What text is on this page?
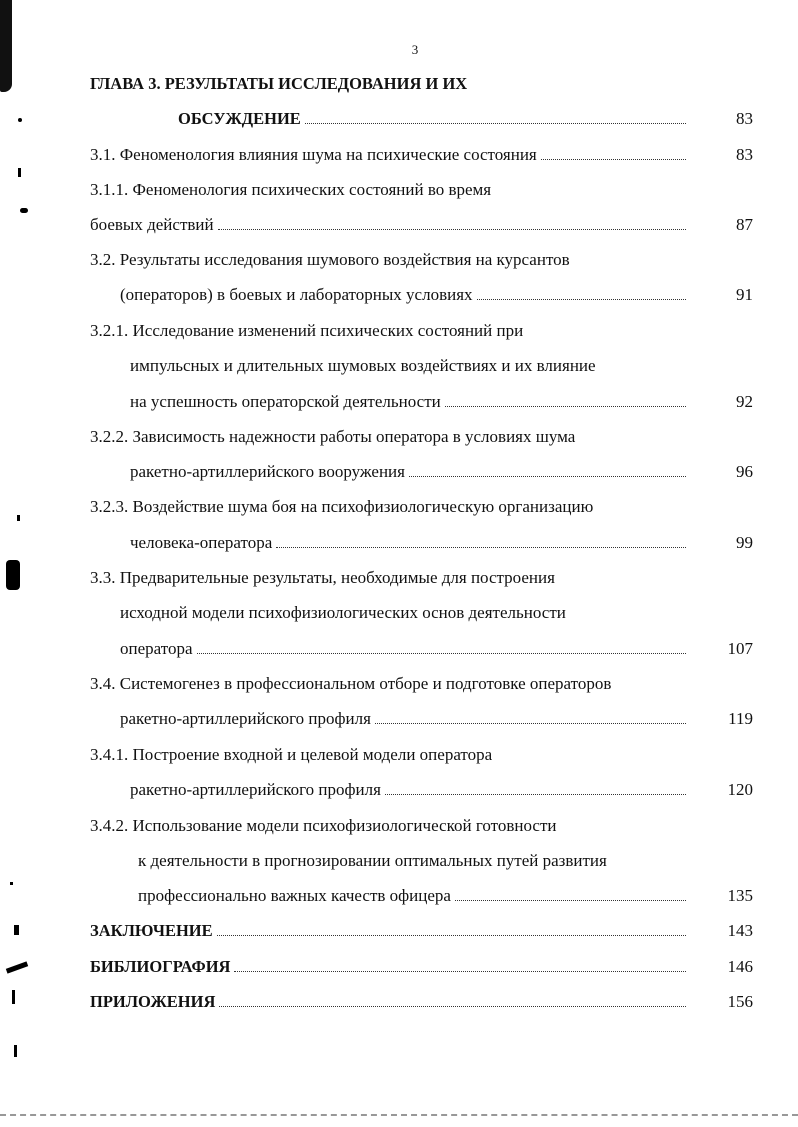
3
ГЛАВА 3. РЕЗУЛЬТАТЫ ИССЛЕДОВАНИЯ И ИХ
ОБСУЖДЕНИЕ	83
3.1. Феноменология влияния шума на психические состояния	83
3.1.1. Феноменология психических состояний во время
боевых действий	87
3.2. Результаты исследования шумового воздействия на курсантов
(операторов) в боевых и лабораторных условиях	91
3.2.1. Исследование изменений психических состояний при
импульсных и длительных шумовых воздействиях и их влияние
на успешность операторской деятельности	92
3.2.2. Зависимость надежности работы оператора в условиях шума
ракетно-артиллерийского вооружения	96
3.2.3. Воздействие шума боя на психофизиологическую организацию
человека-оператора	99
3.3. Предварительные результаты, необходимые для построения
исходной модели психофизиологических основ деятельности
оператора	107
3.4. Системогенез в профессиональном отборе и подготовке операторов
ракетно-артиллерийского профиля	119
3.4.1. Построение входной и целевой модели оператора
ракетно-артиллерийского профиля	120
3.4.2. Использование модели психофизиологической готовности
к деятельности в прогнозировании оптимальных путей развития
профессионально важных качеств офицера	135
ЗАКЛЮЧЕНИЕ	143
БИБЛИОГРАФИЯ	146
ПРИЛОЖЕНИЯ	156
